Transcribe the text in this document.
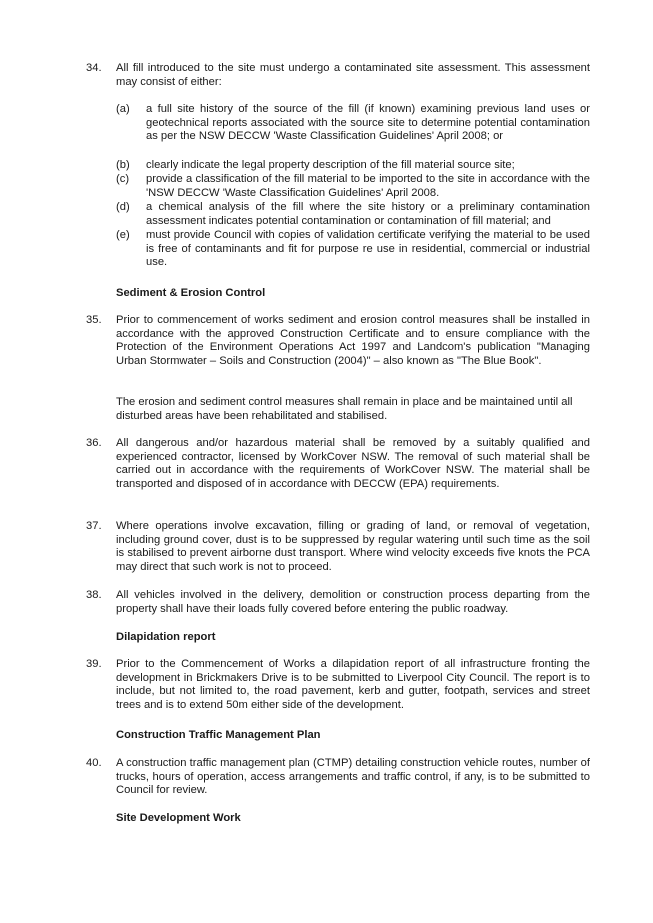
34.	All fill introduced to the site must undergo a contaminated site assessment. This assessment may consist of either:
(a)	a full site history of the source of the fill (if known) examining previous land uses or geotechnical reports associated with the source site to determine potential contamination as per the NSW DECCW 'Waste Classification Guidelines' April 2008; or
(b)	clearly indicate the legal property description of the fill material source site;
(c)	provide a classification of the fill material to be imported to the site in accordance with the 'NSW DECCW 'Waste Classification Guidelines' April 2008.
(d)	a chemical analysis of the fill where the site history or a preliminary contamination assessment indicates potential contamination or contamination of fill material; and
(e)	must provide Council with copies of validation certificate verifying the material to be used is free of contaminants and fit for purpose re use in residential, commercial or industrial use.
Sediment & Erosion Control
35.	Prior to commencement of works sediment and erosion control measures shall be installed in accordance with the approved Construction Certificate and to ensure compliance with the Protection of the Environment Operations Act 1997 and Landcom's publication "Managing Urban Stormwater – Soils and Construction (2004)" – also known as "The Blue Book".
The erosion and sediment control measures shall remain in place and be maintained until all disturbed areas have been rehabilitated and stabilised.
36.	All dangerous and/or hazardous material shall be removed by a suitably qualified and experienced contractor, licensed by WorkCover NSW. The removal of such material shall be carried out in accordance with the requirements of WorkCover NSW. The material shall be transported and disposed of in accordance with DECCW (EPA) requirements.
37.	Where operations involve excavation, filling or grading of land, or removal of vegetation, including ground cover, dust is to be suppressed by regular watering until such time as the soil is stabilised to prevent airborne dust transport. Where wind velocity exceeds five knots the PCA may direct that such work is not to proceed.
38.	All vehicles involved in the delivery, demolition or construction process departing from the property shall have their loads fully covered before entering the public roadway.
Dilapidation report
39.	Prior to the Commencement of Works a dilapidation report of all infrastructure fronting the development in Brickmakers Drive is to be submitted to Liverpool City Council. The report is to include, but not limited to, the road pavement, kerb and gutter, footpath, services and street trees and is to extend 50m either side of the development.
Construction Traffic Management Plan
40.	A construction traffic management plan (CTMP) detailing construction vehicle routes, number of trucks, hours of operation, access arrangements and traffic control, if any, is to be submitted to Council for review.
Site Development Work
